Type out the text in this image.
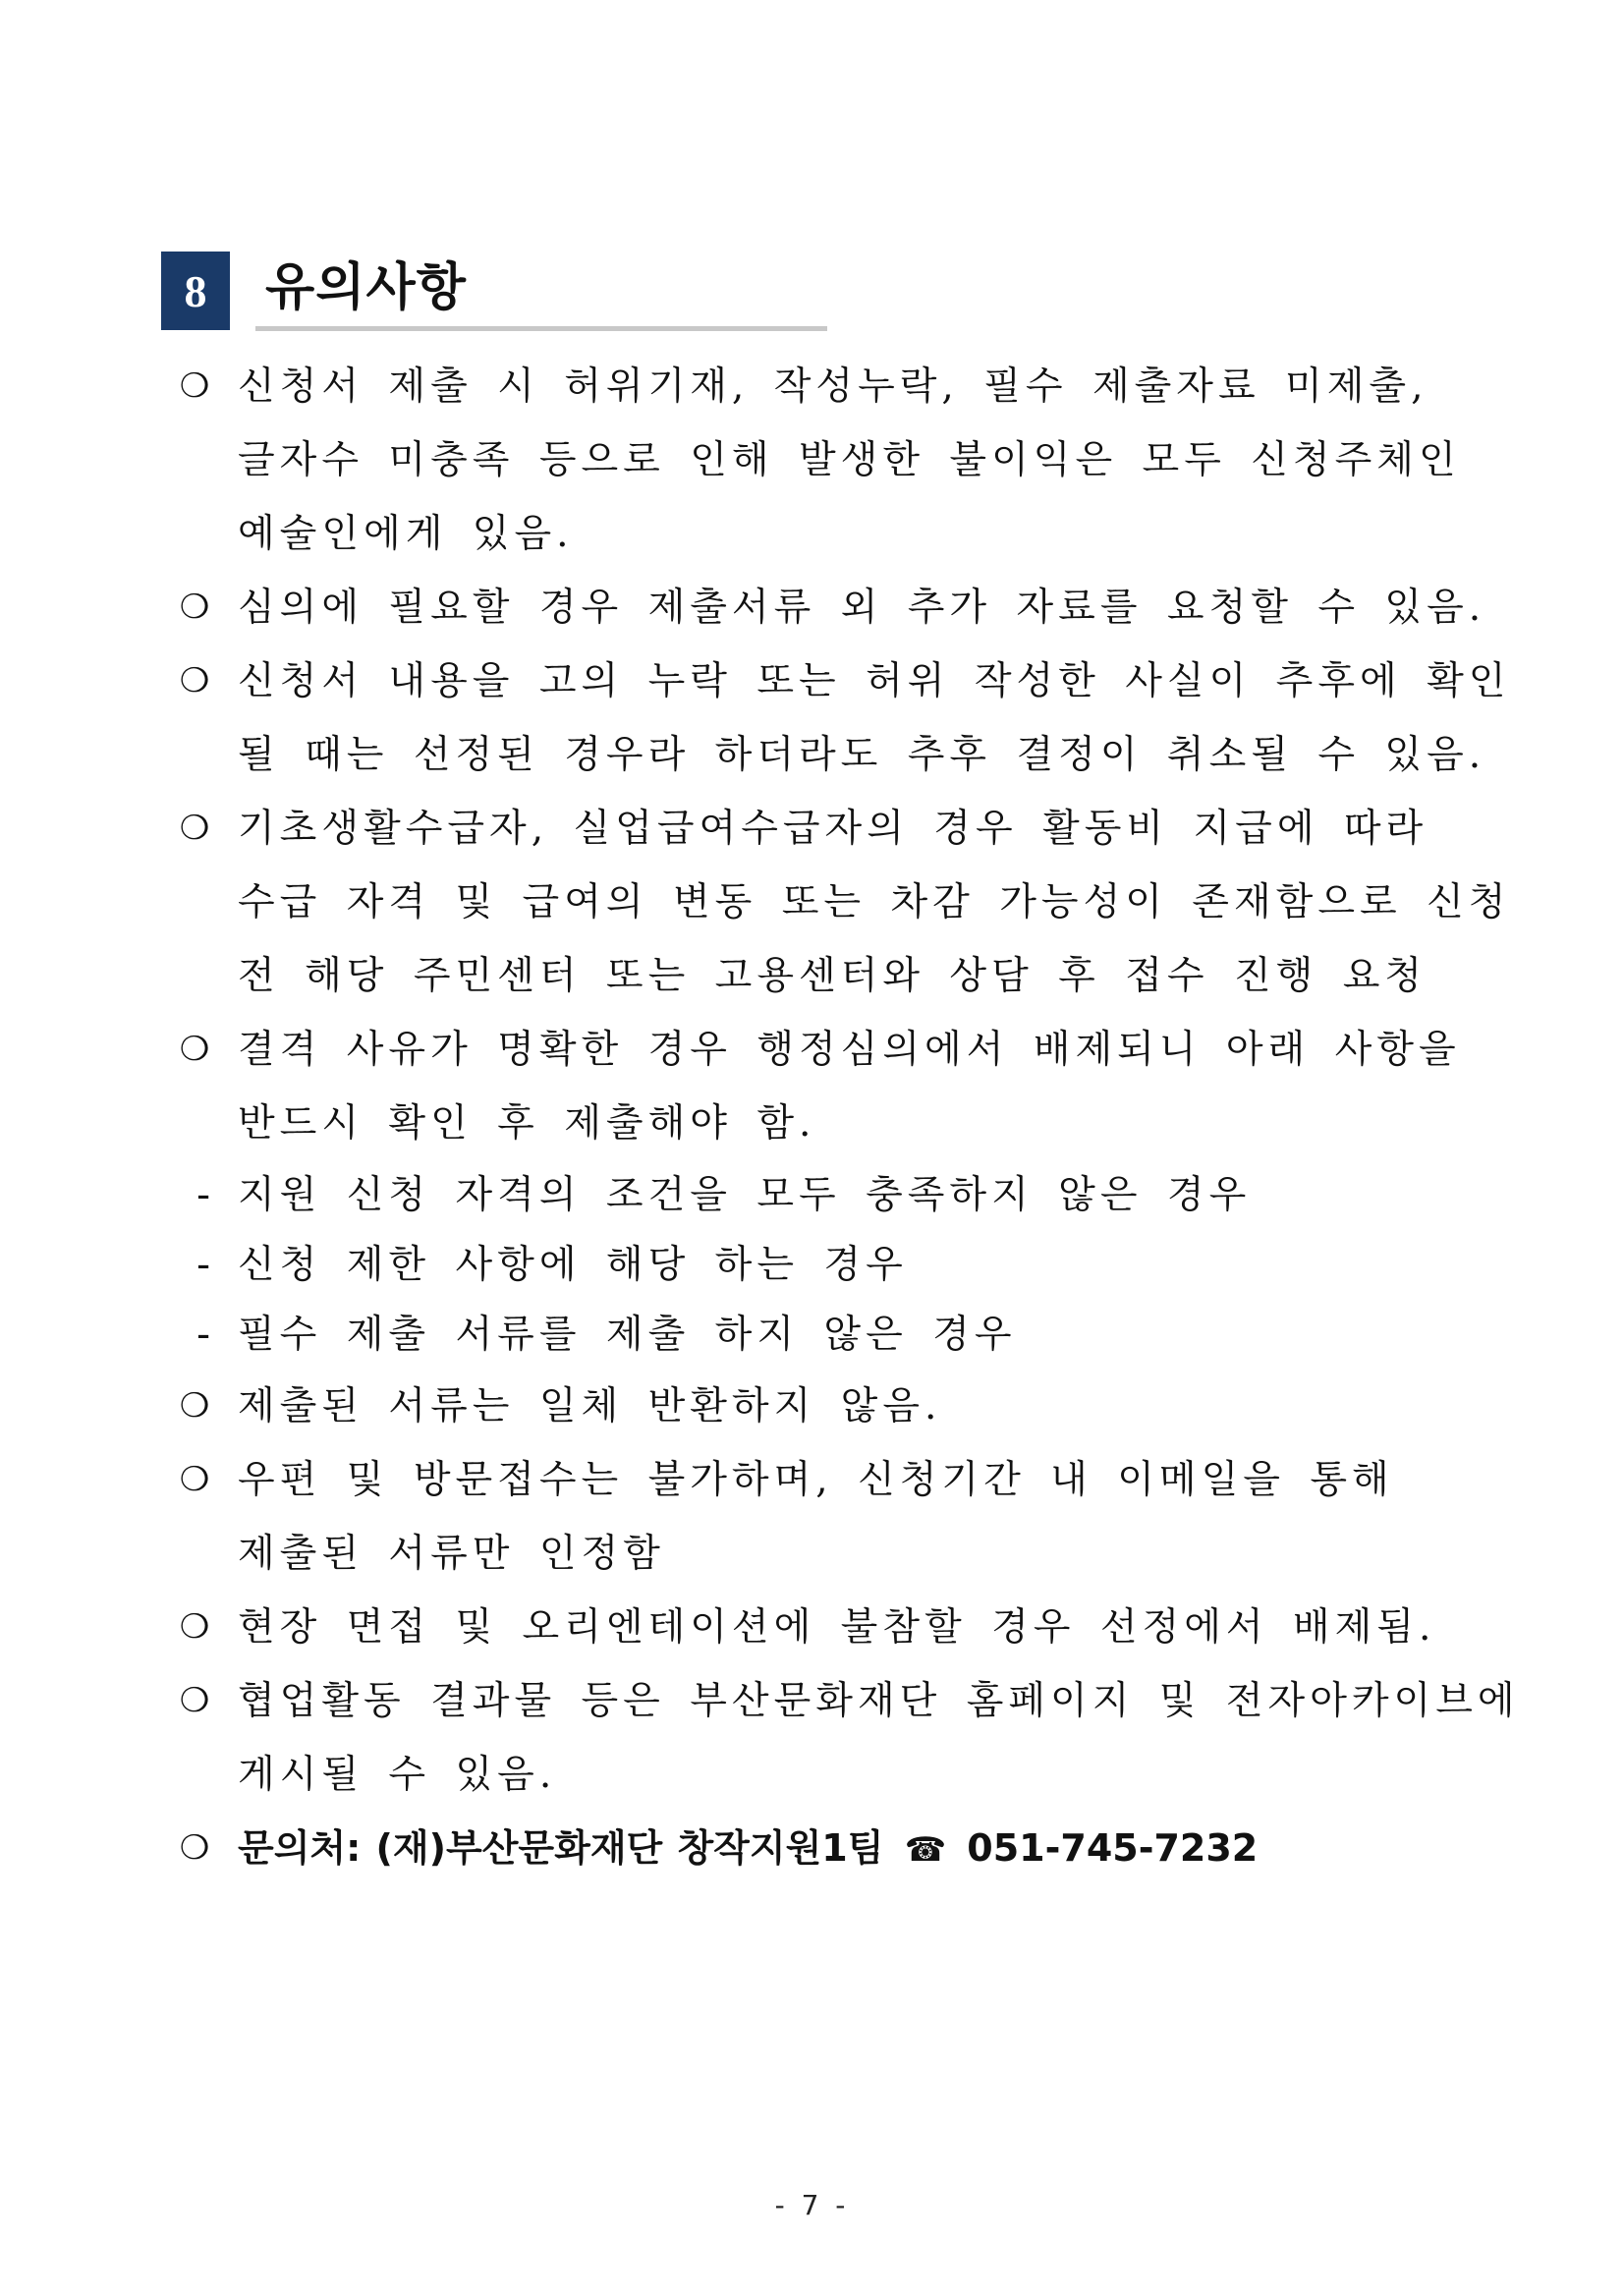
8	유의사항
❍ 신청서 제출 시 허위기재, 작성누락, 필수 제출자료 미제출,
글자수 미충족 등으로 인해 발생한 불이익은 모두 신청주체인
예술인에게 있음.
❍ 심의에 필요할 경우 제출서류 외 추가 자료를 요청할 수 있음.
❍ 신청서 내용을 고의 누락 또는 허위 작성한 사실이 추후에 확인
될 때는 선정된 경우라 하더라도 추후 결정이 취소될 수 있음.
❍ 기초생활수급자, 실업급여수급자의 경우 활동비 지급에 따라
수급 자격 및 급여의 변동 또는 차감 가능성이 존재함으로 신청
전 해당 주민센터 또는 고용센터와 상담 후 접수 진행 요청
❍ 결격 사유가 명확한 경우 행정심의에서 배제되니 아래 사항을
반드시 확인 후 제출해야 함.
- 지원 신청 자격의 조건을 모두 충족하지 않은 경우
- 신청 제한 사항에 해당 하는 경우
- 필수 제출 서류를 제출 하지 않은 경우
❍ 제출된 서류는 일체 반환하지 않음.
❍ 우편 및 방문접수는 불가하며, 신청기간 내 이메일을 통해
제출된 서류만 인정함
❍ 현장 면접 및 오리엔테이션에 불참할 경우 선정에서 배제됨.
❍ 협업활동 결과물 등은 부산문화재단 홈페이지 및 전자아카이브에
게시될 수 있음.
❍ 문의처: (재)부산문화재단 창작지원1팀 ☎ 051-745-7232
- 7 -
